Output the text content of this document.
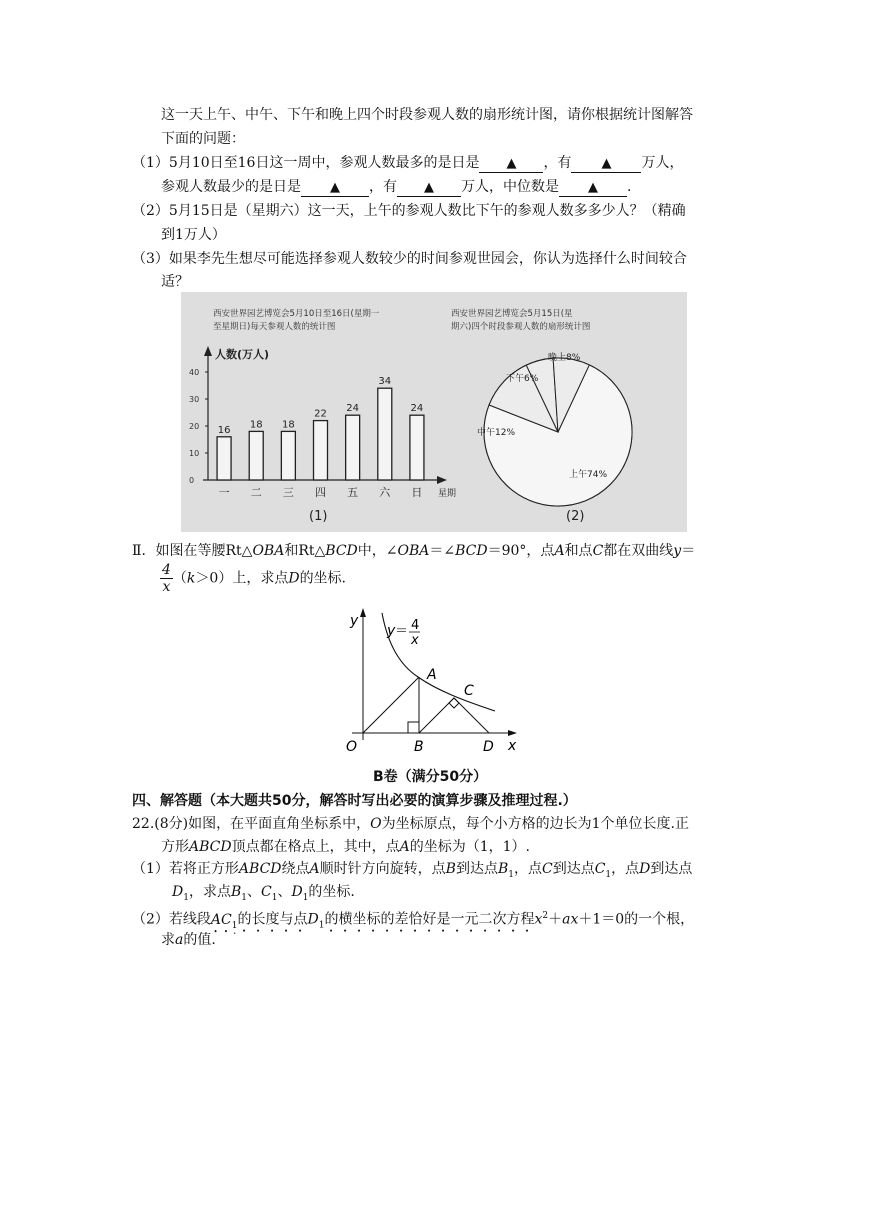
这一天上午、中午、下午和晚上四个时段参观人数的扇形统计图，请你根据统计图解答
下面的问题：
（1）5月10日至16日这一周中，参观人数最多的是日是 ▲ ，有 ▲ 万人，
参观人数最少的是日是 ▲ ，有 ▲ 万人，中位数是 ▲ .
（2）5月15日是（星期六）这一天，上午的参观人数比下午的参观人数多多少人？（精确
到1万人）
（3）如果李先生想尽可能选择参观人数较少的时间参观世园会，你认为选择什么时间较合
适？
西安世界园艺博览会5月10日至16日(星期一
至星期日)每天参观人数的统计图
人数(万人)
星期
40
30
20
10
0
16 18 18
22 24
34
24
一 二 三 四 五 六 日
(1)
西安世界园艺博览会5月15日(星
期六)四个时段参观人数的扇形统计图
上午74%
中午12%
下午6%
晚上8%
(2)
Ⅱ．如图在等腰Rt△OBA和Rt△BCD中，∠OBA＝∠BCD＝90°，点A和点C都在双曲线y＝
$\frac{4}{x} (k>0)$上，求点D的坐标.
y
x
y ＝ 4
x
O
A
B
C
D
B卷（满分50分）
四、解答题（本大题共50分，解答时写出必要的演算步骤及推理过程.）
22.(8分)如图，在平面直角坐标系中，O为坐标原点，每个小方格的边长为1个单位长度.正
方形ABCD顶点都在格点上，其中，点A的坐标为（1，1）.
（1）若将正方形ABCD绕点A顺时针方向旋转，点B到达点$B_1$，点C到达点$C_1$，点D到达点
$D_1$，求点$B_1$、$C_1$、$D_1$的坐标.
（2）若线段$AC_1$的长度与点$D_1$的横坐标的差恰好是一元二次方程$x^2+ax+1=0$的一个根，
求a的值.
